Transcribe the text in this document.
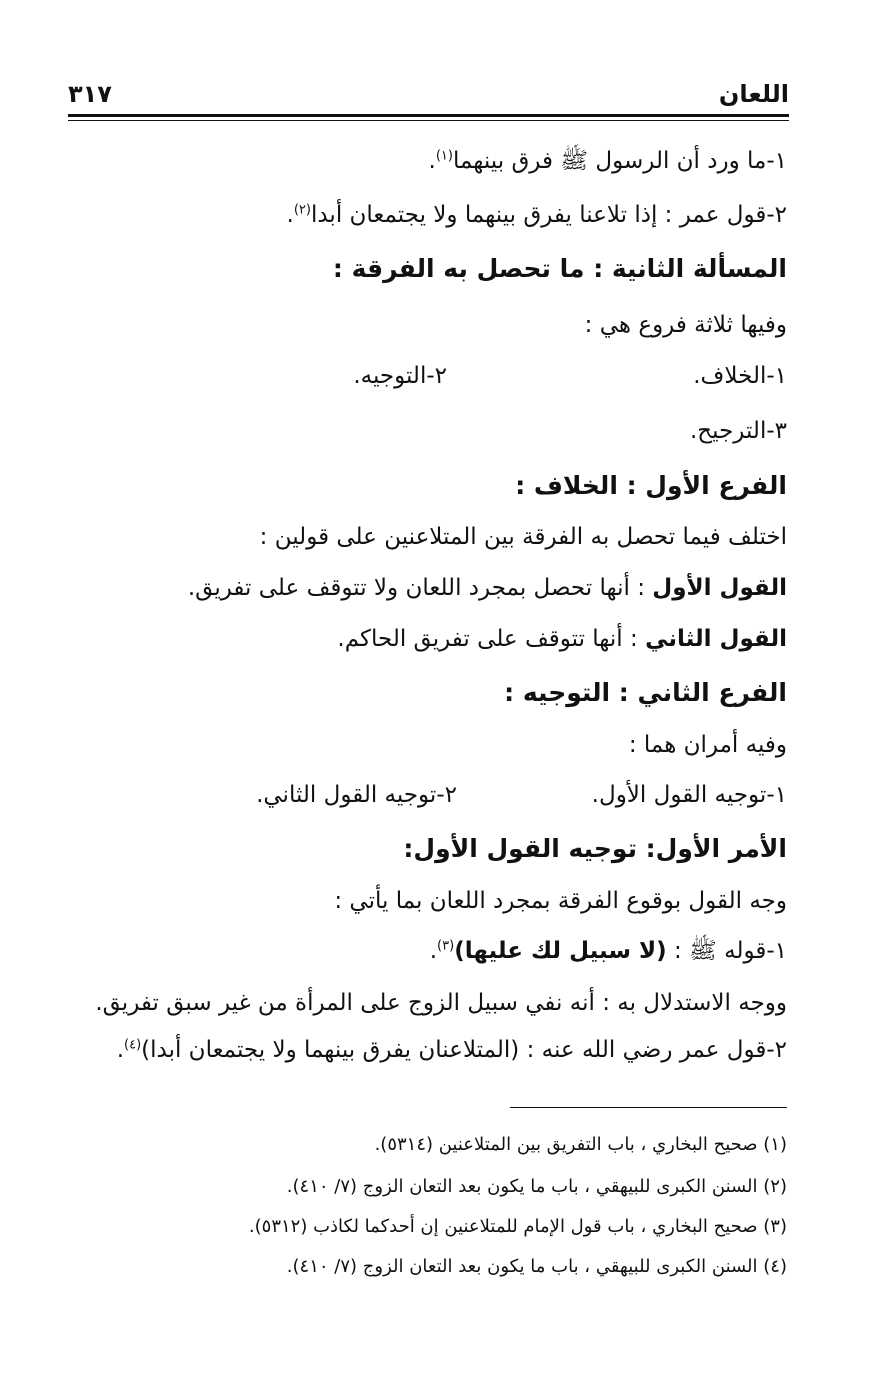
اللعان
٣١٧
١-ما ورد أن الرسول ﷺ فرق بينهما$^{(١)}$.
٢-قول عمر : إذا تلاعنا يفرق بينهما ولا يجتمعان أبدا$^{(٢)}$.
المسألة الثانية : ما تحصل به الفرقة :
وفيها ثلاثة فروع هي :
١-الخلاف.٢-التوجيه.
٣-الترجيح.
الفرع الأول : الخلاف :
اختلف فيما تحصل به الفرقة بين المتلاعنين على قولين :
القول الأول : أنها تحصل بمجرد اللعان ولا تتوقف على تفريق.
القول الثاني : أنها تتوقف على تفريق الحاكم.
الفرع الثاني : التوجيه :
وفيه أمران هما :
١-توجيه القول الأول.٢-توجيه القول الثاني.
الأمر الأول: توجيه القول الأول:
وجه القول بوقوع الفرقة بمجرد اللعان بما يأتي :
١-قوله ﷺ : (لا سبيل لك عليها)$^{(٣)}$.
ووجه الاستدلال به : أنه نفي سبيل الزوج على المرأة من غير سبق تفريق.
٢-قول عمر رضي الله عنه : (المتلاعنان يفرق بينهما ولا يجتمعان أبدا)$^{(٤)}$.
(١) صحيح البخاري ، باب التفريق بين المتلاعنين (٥٣١٤).
(٢) السنن الكبرى للبيهقي ، باب ما يكون بعد التعان الزوج (٧/ ٤١٠).
(٣) صحيح البخاري ، باب قول الإمام للمتلاعنين إن أحدكما لكاذب (٥٣١٢).
(٤) السنن الكبرى للبيهقي ، باب ما يكون بعد التعان الزوج (٧/ ٤١٠).
